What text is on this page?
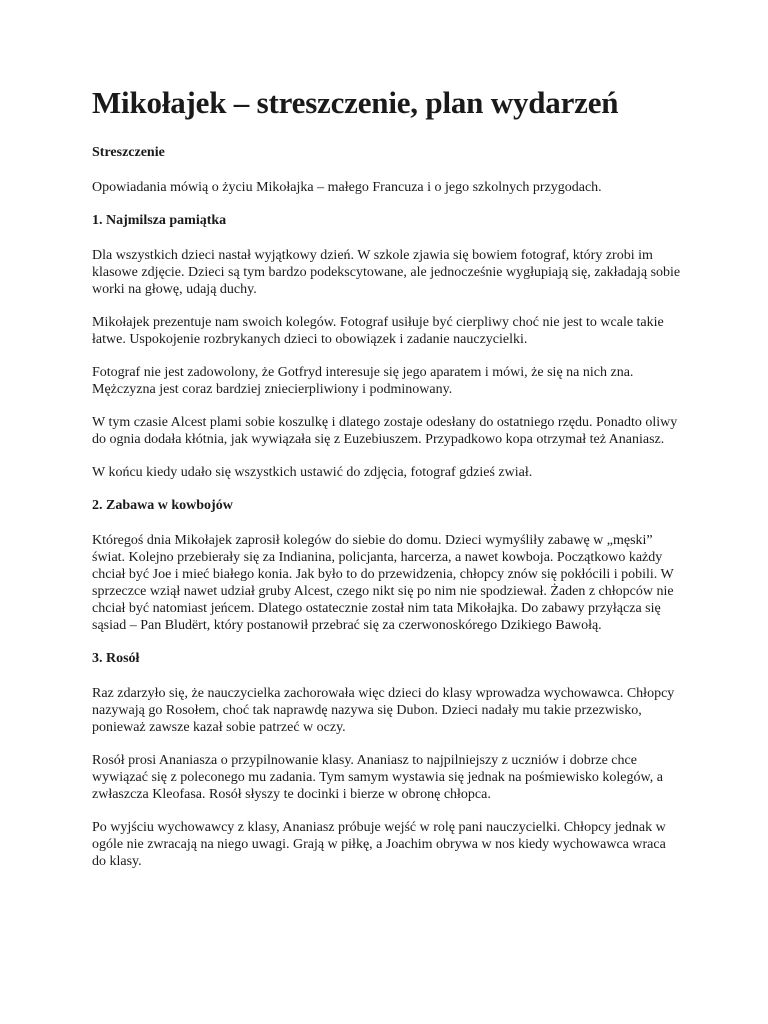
Mikołajek – streszczenie, plan wydarzeń
Streszczenie

Opowiadania mówią o życiu Mikołajka – małego Francuza i o jego szkolnych przygodach.

1. Najmilsza pamiątka

Dla wszystkich dzieci nastał wyjątkowy dzień. W szkole zjawia się bowiem fotograf, który zrobi im klasowe zdjęcie. Dzieci są tym bardzo podekscytowane, ale jednocześnie wygłupiają się, zakładają sobie worki na głowę, udają duchy.

Mikołajek prezentuje nam swoich kolegów. Fotograf usiłuje być cierpliwy choć nie jest to wcale takie łatwe. Uspokojenie rozbrykanych dzieci to obowiązek i zadanie nauczycielki.

Fotograf nie jest zadowolony, że Gotfryd interesuje się jego aparatem i mówi, że się na nich zna. Mężczyzna jest coraz bardziej zniecierpliwiony i podminowany.

W tym czasie Alcest plami sobie koszulkę i dlatego zostaje odesłany do ostatniego rzędu. Ponadto oliwy do ognia dodała kłótnia, jak wywiązała się z Euzebiuszem. Przypadkowo kopa otrzymał też Ananiasz.

W końcu kiedy udało się wszystkich ustawić do zdjęcia, fotograf gdzieś zwiał.

2. Zabawa w kowbojów

Któregoś dnia Mikołajek zaprosił kolegów do siebie do domu. Dzieci wymyśliły zabawę w „męski” świat. Kolejno przebierały się za Indianina, policjanta, harcerza, a nawet kowboja. Początkowo każdy chciał być Joe i mieć białego konia. Jak było to do przewidzenia, chłopcy znów się pokłócili i pobili. W sprzeczce wziął nawet udział gruby Alcest, czego nikt się po nim nie spodziewał. Żaden z chłopców nie chciał być natomiast jeńcem. Dlatego ostatecznie został nim tata Mikołajka. Do zabawy przyłącza się sąsiad – Pan Bludërt, który postanowił przebrać się za czerwonoskórego Dzikiego Bawołą.

3. Rosół

Raz zdarzyło się, że nauczycielka zachorowała więc dzieci do klasy wprowadza wychowawca. Chłopcy nazywają go Rosołem, choć tak naprawdę nazywa się Dubon. Dzieci nadały mu takie przezwisko, ponieważ zawsze kazał sobie patrzeć w oczy.

Rosół prosi Ananiasza o przypilnowanie klasy. Ananiasz to najpilniejszy z uczniów i dobrze chce wywiązać się z poleconego mu zadania. Tym samym wystawia się jednak na pośmiewisko kolegów, a zwłaszcza Kleofasa. Rosół słyszy te docinki i bierze w obronę chłopca.

Po wyjściu wychowawcy z klasy, Ananiasz próbuje wejść w rolę pani nauczycielki. Chłopcy jednak w ogóle nie zwracają na niego uwagi. Grają w piłkę, a Joachim obrywa w nos kiedy wychowawca wraca do klasy.
